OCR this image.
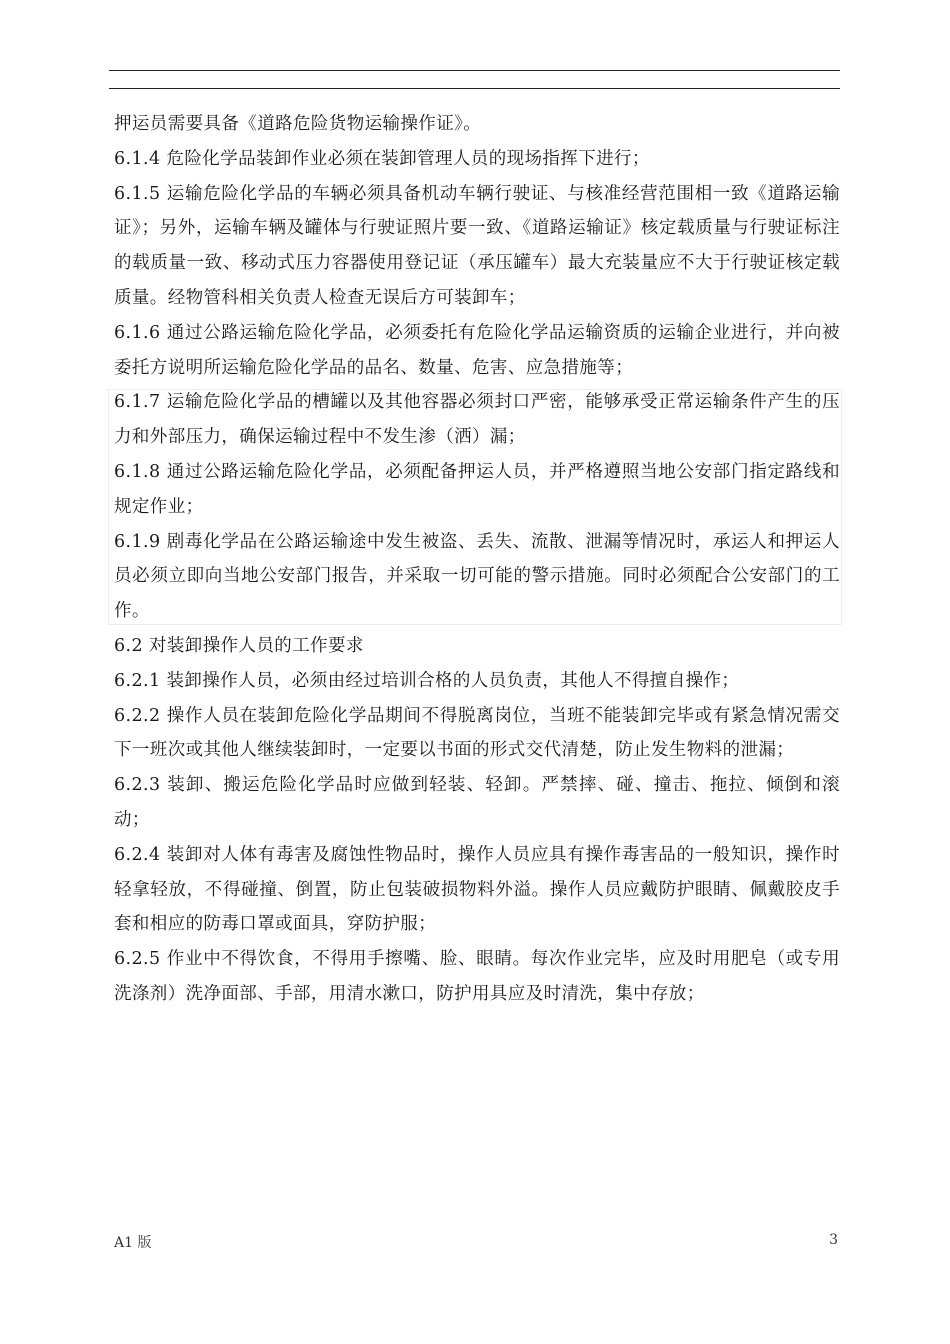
押运员需要具备《道路危险货物运输操作证》。

6.1.4 危险化学品装卸作业必须在装卸管理人员的现场指挥下进行；

6.1.5 运输危险化学品的车辆必须具备机动车辆行驶证、与核准经营范围相一致《道路运输证》；另外，运输车辆及罐体与行驶证照片要一致、《道路运输证》核定载质量与行驶证标注的载质量一致、移动式压力容器使用登记证（承压罐车）最大充装量应不大于行驶证核定载质量。经物管科相关负责人检查无误后方可装卸车；

6.1.6 通过公路运输危险化学品，必须委托有危险化学品运输资质的运输企业进行，并向被委托方说明所运输危险化学品的品名、数量、危害、应急措施等；

6.1.7 运输危险化学品的槽罐以及其他容器必须封口严密，能够承受正常运输条件产生的压力和外部压力，确保运输过程中不发生渗（洒）漏；

6.1.8 通过公路运输危险化学品，必须配备押运人员，并严格遵照当地公安部门指定路线和规定作业；

6.1.9 剧毒化学品在公路运输途中发生被盗、丢失、流散、泄漏等情况时，承运人和押运人员必须立即向当地公安部门报告，并采取一切可能的警示措施。同时必须配合公安部门的工作。

6.2 对装卸操作人员的工作要求

6.2.1 装卸操作人员，必须由经过培训合格的人员负责，其他人不得擅自操作；

6.2.2 操作人员在装卸危险化学品期间不得脱离岗位，当班不能装卸完毕或有紧急情况需交下一班次或其他人继续装卸时，一定要以书面的形式交代清楚，防止发生物料的泄漏；

6.2.3 装卸、搬运危险化学品时应做到轻装、轻卸。严禁摔、碰、撞击、拖拉、倾倒和滚动；

6.2.4 装卸对人体有毒害及腐蚀性物品时，操作人员应具有操作毒害品的一般知识，操作时轻拿轻放，不得碰撞、倒置，防止包装破损物料外溢。操作人员应戴防护眼睛、佩戴胶皮手套和相应的防毒口罩或面具，穿防护服；

6.2.5 作业中不得饮食，不得用手擦嘴、脸、眼睛。每次作业完毕，应及时用肥皂（或专用洗涤剂）洗净面部、手部，用清水漱口，防护用具应及时清洗，集中存放；

A1 版	3
